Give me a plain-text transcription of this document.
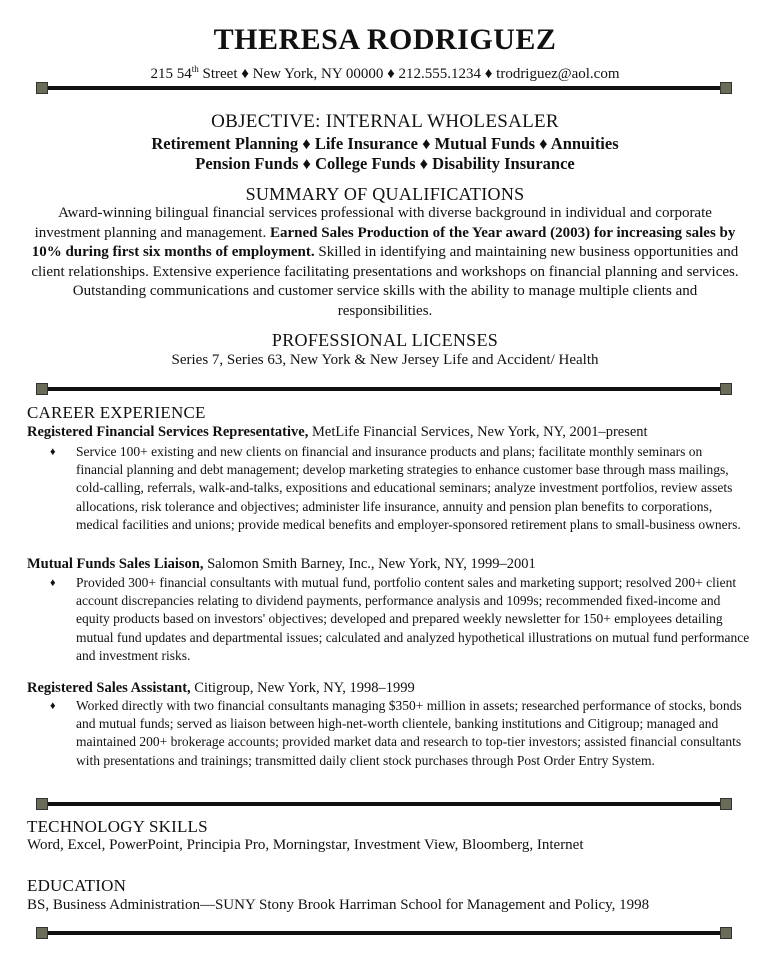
THERESA RODRIGUEZ
215 54th Street ♦ New York, NY 00000 ♦ 212.555.1234 ♦ trodriguez@aol.com
OBJECTIVE: INTERNAL WHOLESALER
Retirement Planning ♦ Life Insurance ♦ Mutual Funds ♦ Annuities
Pension Funds ♦ College Funds ♦ Disability Insurance
SUMMARY OF QUALIFICATIONS
Award-winning bilingual financial services professional with diverse background in individual and corporate investment planning and management. Earned Sales Production of the Year award (2003) for increasing sales by 10% during first six months of employment. Skilled in identifying and maintaining new business opportunities and client relationships. Extensive experience facilitating presentations and workshops on financial planning and services. Outstanding communications and customer service skills with the ability to manage multiple clients and responsibilities.
PROFESSIONAL LICENSES
Series 7, Series 63, New York & New Jersey Life and Accident/ Health
CAREER EXPERIENCE
Registered Financial Services Representative, MetLife Financial Services, New York, NY, 2001–present
♦ Service 100+ existing and new clients on financial and insurance products and plans; facilitate monthly seminars on financial planning and debt management; develop marketing strategies to enhance customer base through mass mailings, cold-calling, referrals, walk-and-talks, expositions and educational seminars; analyze investment portfolios, review assets allocations, risk tolerance and objectives; administer life insurance, annuity and pension plan benefits to corporations, medical facilities and unions; provide medical benefits and employer-sponsored retirement plans to small-business owners.
Mutual Funds Sales Liaison, Salomon Smith Barney, Inc., New York, NY, 1999–2001
♦ Provided 300+ financial consultants with mutual fund, portfolio content sales and marketing support; resolved 200+ client account discrepancies relating to dividend payments, performance analysis and 1099s; recommended fixed-income and equity products based on investors' objectives; developed and prepared weekly newsletter for 150+ employees detailing mutual fund updates and departmental issues; calculated and analyzed hypothetical illustrations on mutual fund performance and investment risks.
Registered Sales Assistant, Citigroup, New York, NY, 1998–1999
♦ Worked directly with two financial consultants managing $350+ million in assets; researched performance of stocks, bonds and mutual funds; served as liaison between high-net-worth clientele, banking institutions and Citigroup; managed and maintained 200+ brokerage accounts; provided market data and research to top-tier investors; assisted financial consultants with presentations and trainings; transmitted daily client stock purchases through Post Order Entry System.
TECHNOLOGY SKILLS
Word, Excel, PowerPoint, Principia Pro, Morningstar, Investment View, Bloomberg, Internet
EDUCATION
BS, Business Administration—SUNY Stony Brook Harriman School for Management and Policy, 1998
